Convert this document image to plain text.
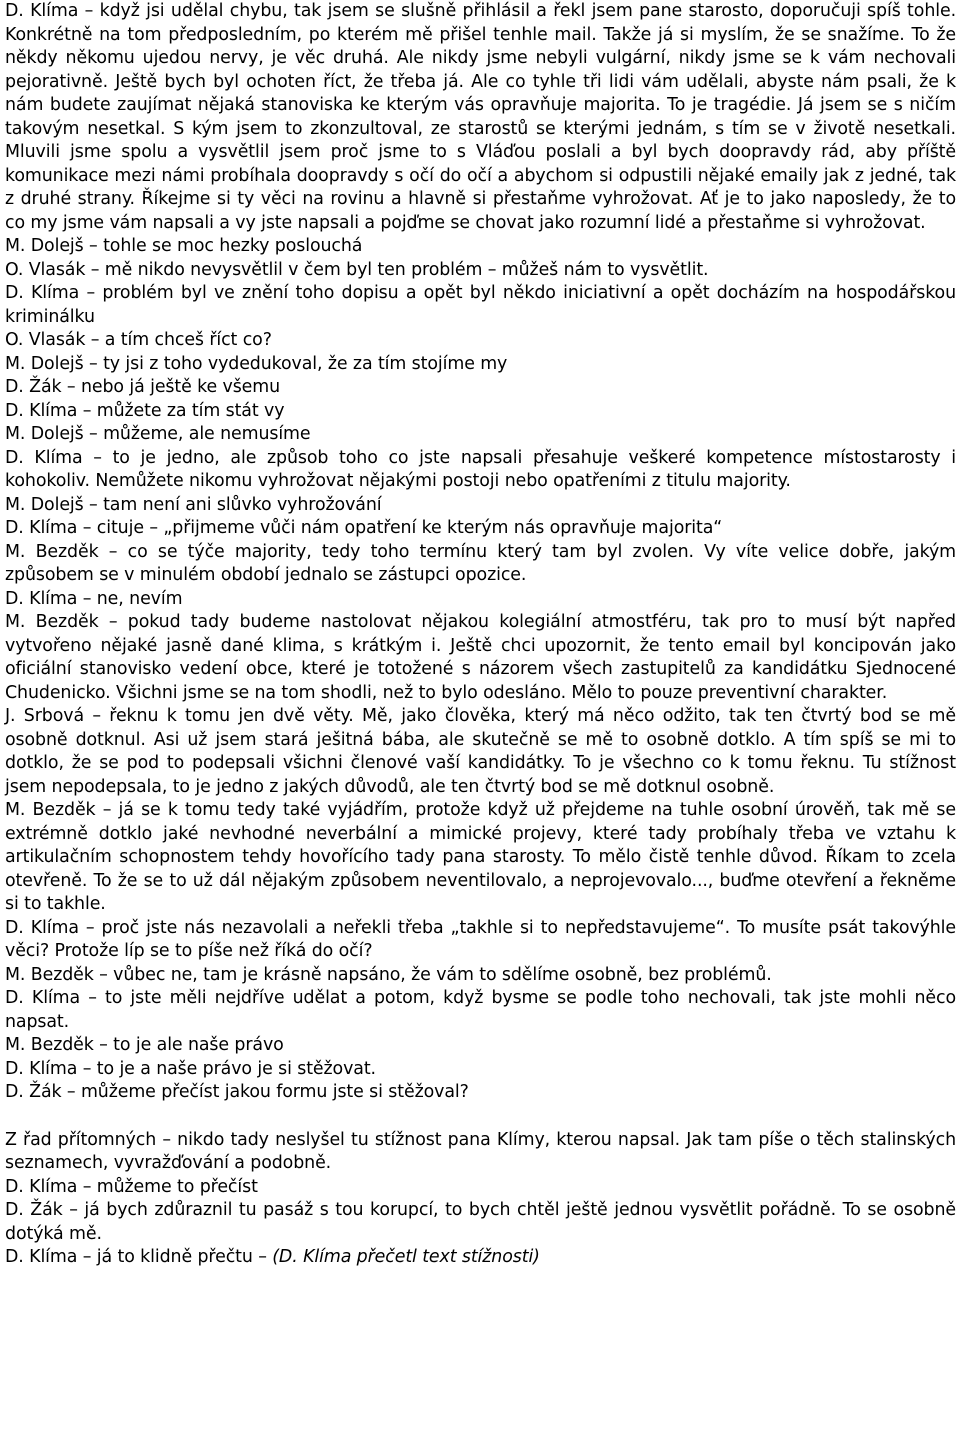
D. Klíma – když jsi udělal chybu, tak jsem se slušně přihlásil a řekl jsem pane starosto, doporučuji spíš tohle. Konkrétně na tom předposledním, po kterém mě přišel tenhle mail. Takže já si myslím, že se snažíme. To že někdy někomu ujedou nervy, je věc druhá. Ale nikdy jsme nebyli vulgární, nikdy jsme se k vám nechovali pejorativně. Ještě bych byl ochoten říct, že třeba já. Ale co tyhle tři lidi vám udělali, abyste nám psali, že k nám budete zaujímat nějaká stanoviska ke kterým vás opravňuje majorita. To je tragédie. Já jsem se s ničím takovým nesetkal. S kým jsem to zkonzultoval, ze starostů se kterými jednám, s tím se v životě nesetkali. Mluvili jsme spolu a vysvětlil jsem proč jsme to s Vláďou poslali a byl bych doopravdy rád, aby příště komunikace mezi námi probíhala doopravdy s očí do očí a abychom si odpustili nějaké emaily jak z jedné, tak z druhé strany. Říkejme si ty věci na rovinu a hlavně si přestaňme vyhrožovat. Ať je to jako naposledy, že to co my jsme vám napsali a vy jste napsali a pojďme se chovat jako rozumní lidé a přestaňme si vyhrožovat.

M. Dolejš – tohle se moc hezky poslouchá

O. Vlasák – mě nikdo nevysvětlil v čem byl ten problém – můžeš nám to vysvětlit.

D. Klíma – problém byl ve znění toho dopisu a opět byl někdo iniciativní a opět docházím na hospodářskou kriminálku

O. Vlasák – a tím chceš říct co?

M. Dolejš – ty jsi z toho vydedukoval, že za tím stojíme my

D. Žák – nebo já ještě ke všemu

D. Klíma – můžete za tím stát vy

M. Dolejš – můžeme, ale nemusíme

D. Klíma – to je jedno, ale způsob toho co jste napsali přesahuje veškeré kompetence místostarosty i kohokoliv. Nemůžete nikomu vyhrožovat nějakými postoji nebo opatřeními z titulu majority.

M. Dolejš – tam není ani slůvko vyhrožování

D. Klíma – cituje – „přijmeme vůči nám opatření ke kterým nás opravňuje majorita“

M. Bezděk – co se týče majority, tedy toho termínu který tam byl zvolen. Vy víte velice dobře, jakým způsobem se v minulém období jednalo se zástupci opozice.

D. Klíma – ne, nevím

M. Bezděk – pokud tady budeme nastolovat nějakou kolegiální atmostféru, tak pro to musí být napřed vytvořeno nějaké jasně dané klima, s krátkým i. Ještě chci upozornit, že tento email byl koncipován jako oficiální stanovisko vedení obce, které je totožené s názorem všech zastupitelů za kandidátku Sjednocené Chudenicko. Všichni jsme se na tom shodli, než to bylo odesláno. Mělo to pouze preventivní charakter.

J. Srbová – řeknu k tomu jen dvě věty. Mě, jako člověka, který má něco odžito, tak ten čtvrtý bod se mě osobně dotknul. Asi už jsem stará ješitná bába, ale skutečně se mě to osobně dotklo. A tím spíš se mi to dotklo, že se pod to podepsali všichni členové vaší kandidátky. To je všechno co k tomu řeknu. Tu stížnost jsem nepodepsala, to je jedno z jakých důvodů, ale ten čtvrtý bod se mě dotknul osobně.

M. Bezděk – já se k tomu tedy také vyjádřím, protože když už přejdeme na tuhle osobní úrověň, tak mě se extrémně dotklo jaké nevhodné neverbální a mimické projevy, které tady probíhaly třeba ve vztahu k artikulačním schopnostem tehdy hovořícího tady pana starosty. To mělo čistě tenhle důvod. Říkam to zcela otevřeně. To že se to už dál nějakým způsobem neventilovalo, a neprojevovalo..., buďme otevření a řekněme si to takhle.

D. Klíma – proč jste nás nezavolali a neřekli třeba „takhle si to nepředstavujeme“. To musíte psát takovýhle věci? Protože líp se to píše než říká do očí?

M. Bezděk – vůbec ne, tam je krásně napsáno, že vám to sdělíme osobně, bez problémů.

D. Klíma – to jste měli nejdříve udělat a potom, když bysme se podle toho nechovali, tak jste mohli něco napsat.

M. Bezděk – to je ale naše právo

D. Klíma – to je a naše právo je si stěžovat.

D. Žák – můžeme přečíst jakou formu jste si stěžoval?

Z řad přítomných – nikdo tady neslyšel tu stížnost pana Klímy, kterou napsal. Jak tam píše o těch stalinských seznamech, vyvražďování a podobně.

D. Klíma – můžeme to přečíst

D. Žák – já bych zdůraznil tu pasáž s tou korupcí, to bych chtěl ještě jednou vysvětlit pořádně. To se osobně dotýká mě.

D. Klíma – já to klidně přečtu – (D. Klíma přečetl text stížnosti)
